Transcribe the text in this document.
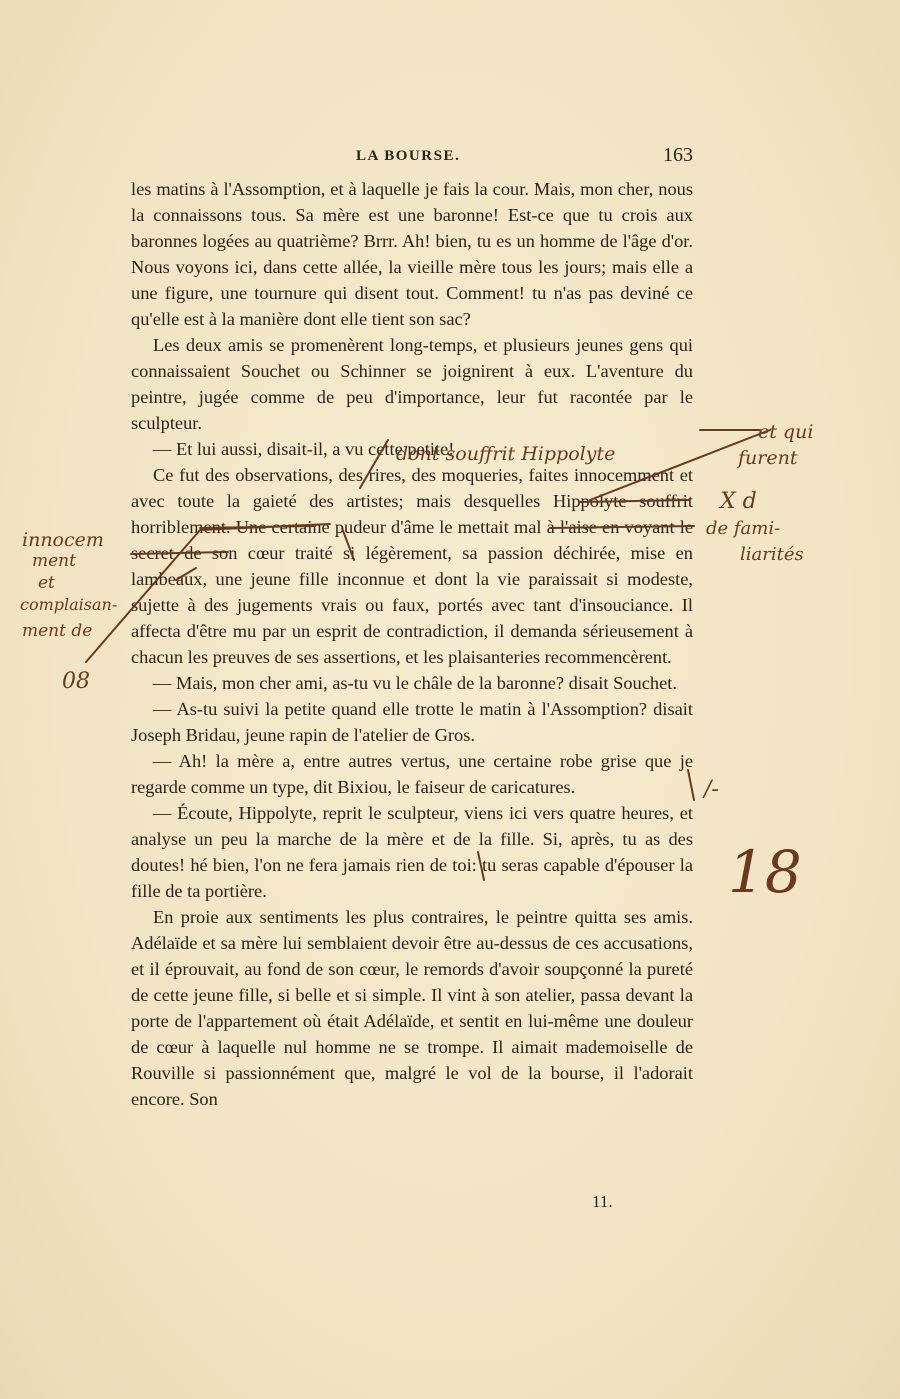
LA BOURSE.	163

les matins à l'Assomption, et à laquelle je fais la cour. Mais, mon cher, nous la connaissons tous. Sa mère est une baronne! Est-ce que tu crois aux baronnes logées au quatrième? Brrr. Ah! bien, tu es un homme de l'âge d'or. Nous voyons ici, dans cette allée, la vieille mère tous les jours; mais elle a une figure, une tournure qui disent tout. Comment! tu n'as pas deviné ce qu'elle est à la manière dont elle tient son sac?

Les deux amis se promenèrent long-temps, et plusieurs jeunes gens qui connaissaient Souchet ou Schinner se joignirent à eux. L'aventure du peintre, jugée comme de peu d'importance, leur fut racontée par le sculpteur.

— Et lui aussi, disait-il, a vu cette petite!

Ce fut des observations, des rires, des moqueries, faites innocemment et avec toute la gaieté des artistes; mais desquelles Hippolyte souffrit horriblement. Une certaine pudeur d'âme le mettait mal à l'aise en voyant le secret de son cœur traité si légèrement, sa passion déchirée, mise en lambeaux, une jeune fille inconnue et dont la vie paraissait si modeste, sujette à des jugements vrais ou faux, portés avec tant d'insouciance. Il affecta d'être mu par un esprit de contradiction, il demanda sérieusement à chacun les preuves de ses assertions, et les plaisanteries recommencèrent.

— Mais, mon cher ami, as-tu vu le châle de la baronne? disait Souchet.

— As-tu suivi la petite quand elle trotte le matin à l'Assomption? disait Joseph Bridau, jeune rapin de l'atelier de Gros.

— Ah! la mère a, entre autres vertus, une certaine robe grise que je regarde comme un type, dit Bixiou, le faiseur de caricatures.

— Écoute, Hippolyte, reprit le sculpteur, viens ici vers quatre heures, et analyse un peu la marche de la mère et de la fille. Si, après, tu as des doutes! hé bien, l'on ne fera jamais rien de toi: tu seras capable d'épouser la fille de ta portière.

En proie aux sentiments les plus contraires, le peintre quitta ses amis. Adélaïde et sa mère lui semblaient devoir être au-dessus de ces accusations, et il éprouvait, au fond de son cœur, le remords d'avoir soupçonné la pureté de cette jeune fille, si belle et si simple. Il vint à son atelier, passa devant la porte de l'appartement où était Adélaïde, et sentit en lui-même une douleur de cœur à laquelle nul homme ne se trompe. Il aimait mademoiselle de Rouville si passionnément que, malgré le vol de la bourse, il l'adorait encore. Son

11.
innocem
ment
et
complaisan-
ment de
08
dont souffrit Hippolyte
et qui
furent
X d
de fami-
liarités
/-
18
